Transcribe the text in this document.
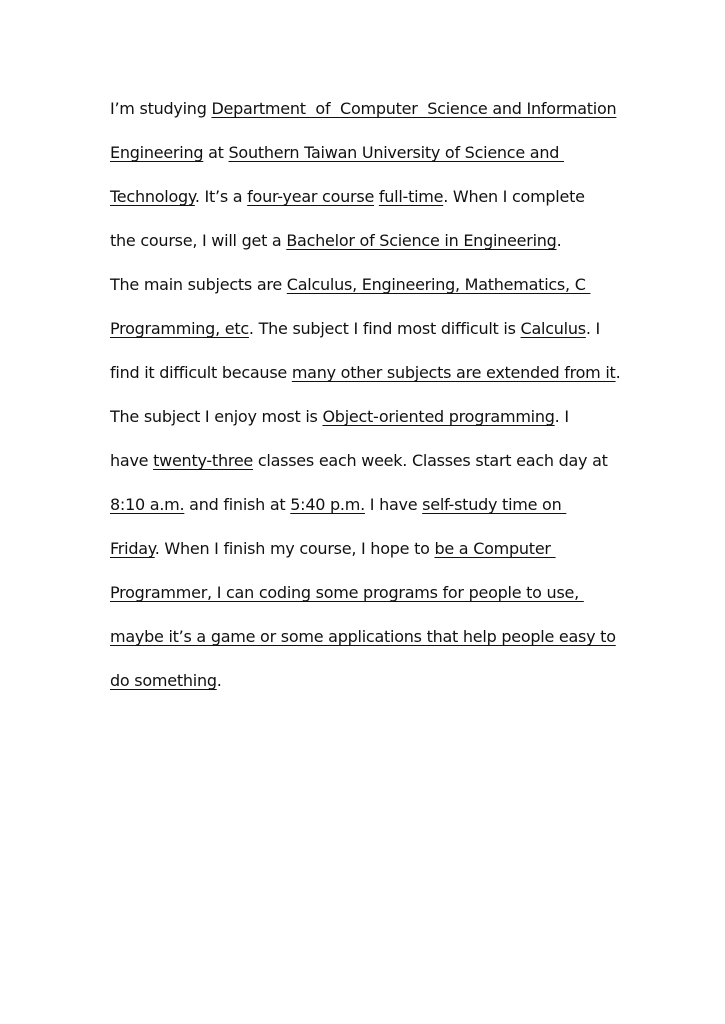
I’m studying Department  of  Computer  Science and Information
Engineering at Southern Taiwan University of Science and
Technology. It’s a four-year course full-time. When I complete
the course, I will get a Bachelor of Science in Engineering.
The main subjects are Calculus, Engineering, Mathematics, C
Programming, etc. The subject I find most difficult is Calculus. I
find it difficult because many other subjects are extended from it.
The subject I enjoy most is Object-oriented programming. I
have twenty-three classes each week. Classes start each day at
8:10 a.m. and finish at 5:40 p.m. I have self-study time on
Friday. When I finish my course, I hope to be a Computer
Programmer, I can coding some programs for people to use,
maybe it’s a game or some applications that help people easy to
do something.
